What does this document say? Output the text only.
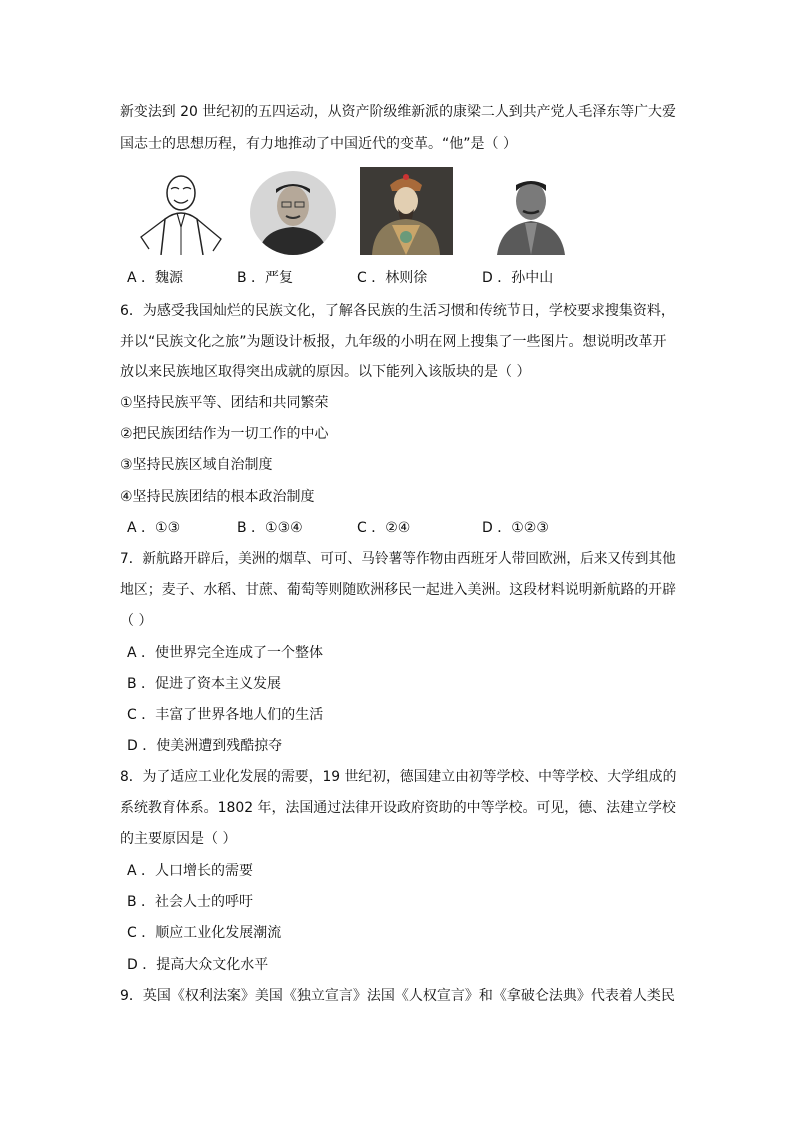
新变法到 20 世纪初的五四运动，从资产阶级维新派的康梁二人到共产党人毛泽东等广大爱
国志士的思想历程，有力地推动了中国近代的变革。“他”是（ ）
A ．魏源	B ．严复	C ．林则徐	D ．孙中山
6．为感受我国灿烂的民族文化，了解各民族的生活习惯和传统节日，学校要求搜集资料，
并以“民族文化之旅”为题设计板报，九年级的小明在网上搜集了一些图片。想说明改革开
放以来民族地区取得突出成就的原因。以下能列入该版块的是（ ）
①坚持民族平等、团结和共同繁荣
②把民族团结作为一切工作的中心
③坚持民族区域自治制度
④坚持民族团结的根本政治制度
A ．①③	B ．①③④	C ．②④	D ．①②③
7．新航路开辟后，美洲的烟草、可可、马铃薯等作物由西班牙人带回欧洲，后来又传到其他
地区；麦子、水稻、甘蔗、葡萄等则随欧洲移民一起进入美洲。这段材料说明新航路的开辟
（ ）
A ．使世界完全连成了一个整体
B ．促进了资本主义发展
C ．丰富了世界各地人们的生活
D ．使美洲遭到残酷掠夺
8．为了适应工业化发展的需要，19 世纪初，德国建立由初等学校、中等学校、大学组成的
系统教育体系。1802 年，法国通过法律开设政府资助的中等学校。可见，德、法建立学校
的主要原因是（ ）
A ．人口增长的需要
B ．社会人士的呼吁
C ．顺应工业化发展潮流
D ．提高大众文化水平
9．英国《权利法案》美国《独立宣言》法国《人权宣言》和《拿破仑法典》代表着人类民
